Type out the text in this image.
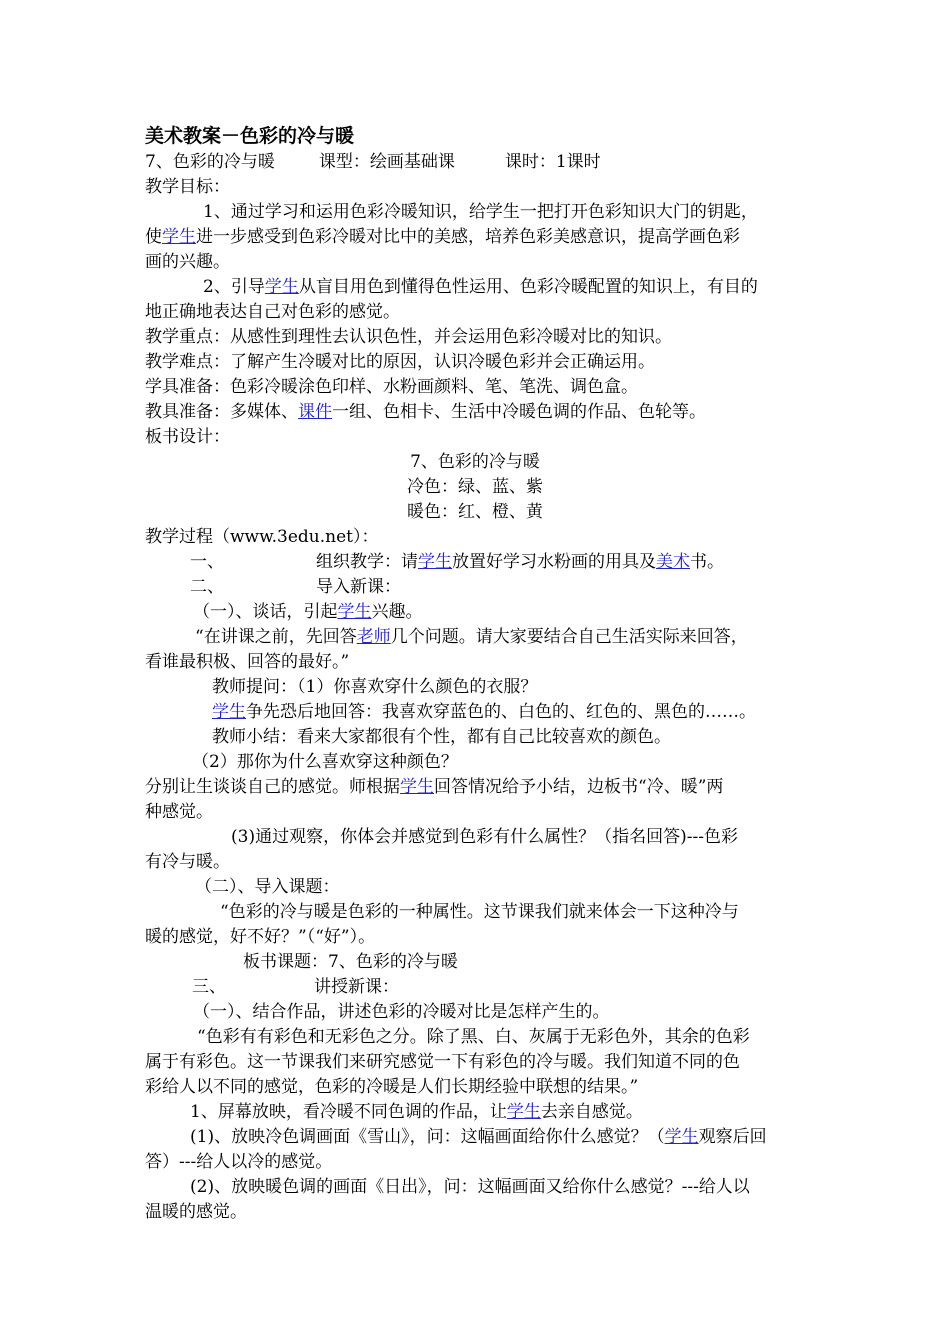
美术教案－色彩的冷与暖
7、色彩的冷与暖	课型：绘画基础课	课时：1课时
教学目标：
1、通过学习和运用色彩冷暖知识，给学生一把打开色彩知识大门的钥匙，
使学生进一步感受到色彩冷暖对比中的美感，培养色彩美感意识，提高学画色彩
画的兴趣。
2、引导学生从盲目用色到懂得色性运用、色彩冷暖配置的知识上，有目的
地正确地表达自己对色彩的感觉。
教学重点：从感性到理性去认识色性，并会运用色彩冷暖对比的知识。
教学难点：了解产生冷暖对比的原因，认识冷暖色彩并会正确运用。
学具准备：色彩冷暖涂色印样、水粉画颜料、笔、笔洗、调色盒。
教具准备：多媒体、课件一组、色相卡、生活中冷暖色调的作品、色轮等。
板书设计：
7、色彩的冷与暖
冷色：绿、蓝、紫
暖色：红、橙、黄
教学过程（www.3edu.net）：
一、	组织教学：请学生放置好学习水粉画的用具及美术书。
二、	导入新课：
（一）、谈话，引起学生兴趣。
“在讲课之前，先回答老师几个问题。请大家要结合自己生活实际来回答，
看谁最积极、回答的最好。”
教师提问：（1）你喜欢穿什么颜色的衣服？
学生争先恐后地回答：我喜欢穿蓝色的、白色的、红色的、黑色的……。
教师小结：看来大家都很有个性，都有自己比较喜欢的颜色。
（2）那你为什么喜欢穿这种颜色？
分别让生谈谈自己的感觉。师根据学生回答情况给予小结，边板书“冷、暖”两
种感觉。
(3)通过观察，你体会并感觉到色彩有什么属性？（指名回答)---色彩
有冷与暖。
（二）、导入课题：
“色彩的冷与暖是色彩的一种属性。这节课我们就来体会一下这种冷与
暖的感觉，好不好？”（“好”）。
板书课题：7、色彩的冷与暖
三、	讲授新课：
（一）、结合作品，讲述色彩的冷暖对比是怎样产生的。
“色彩有有彩色和无彩色之分。除了黑、白、灰属于无彩色外，其余的色彩
属于有彩色。这一节课我们来研究感觉一下有彩色的冷与暖。我们知道不同的色
彩给人以不同的感觉，色彩的冷暖是人们长期经验中联想的结果。”
1、屏幕放映，看冷暖不同色调的作品，让学生去亲自感觉。
(1)、放映冷色调画面《雪山》，问：这幅画面给你什么感觉？（学生观察后回
答）---给人以冷的感觉。
(2)、放映暖色调的画面《日出》，问：这幅画面又给你什么感觉？---给人以
温暖的感觉。
